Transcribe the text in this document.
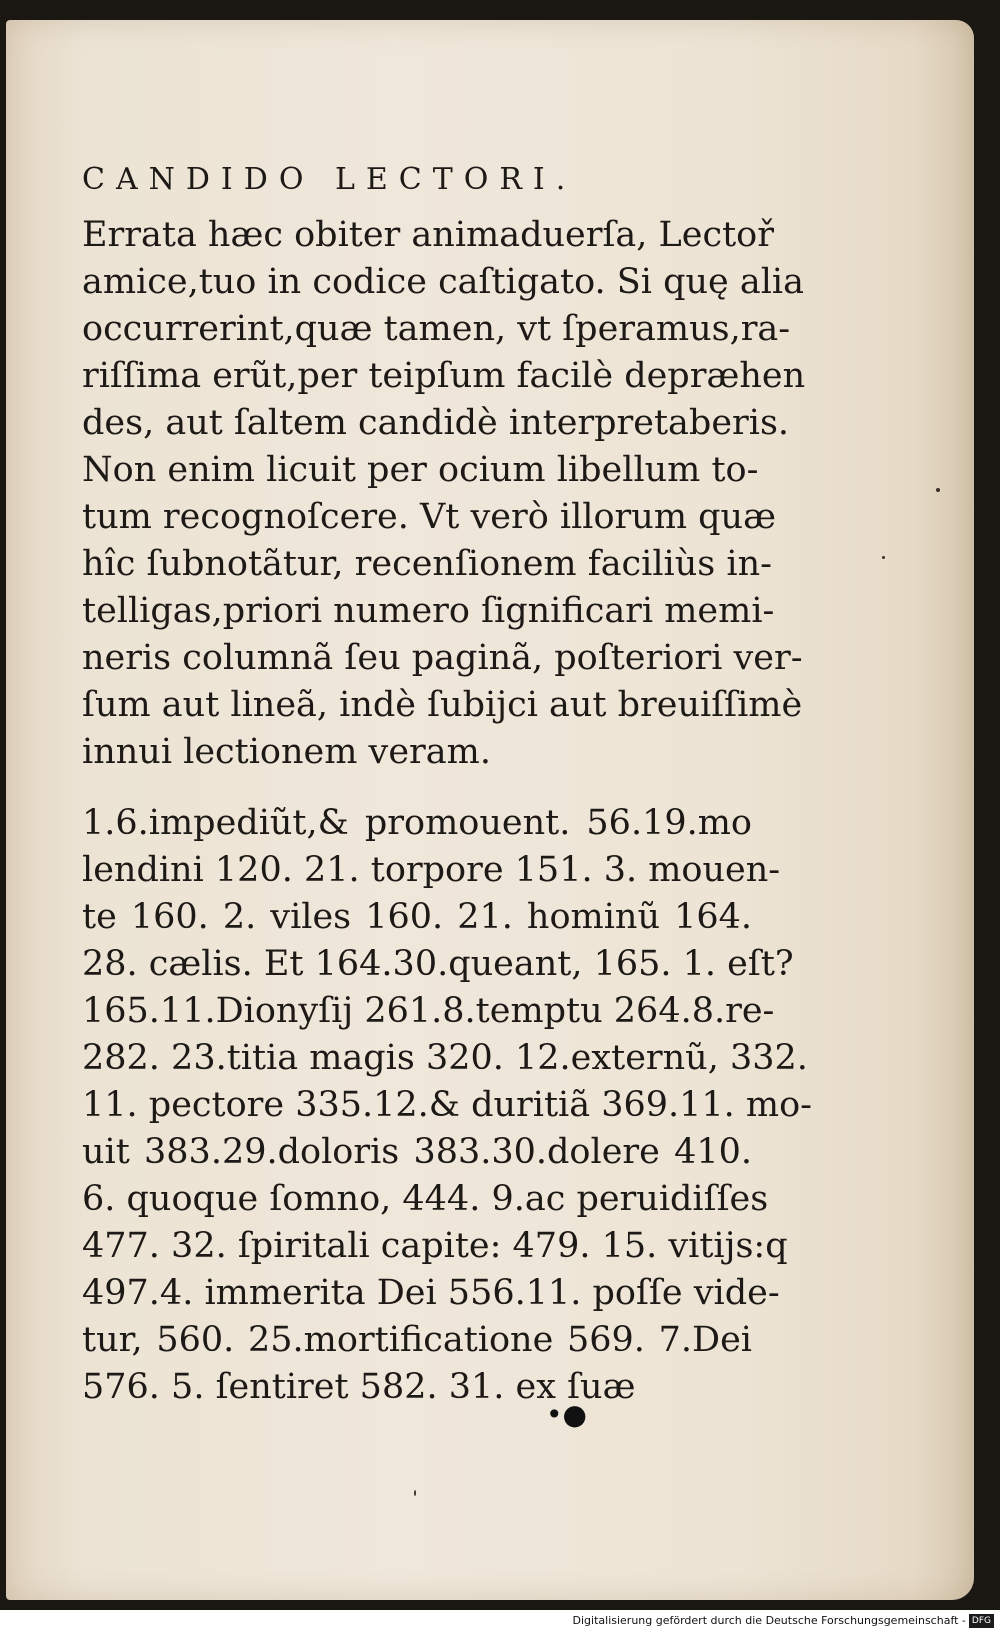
CANDIDO LECTORI.
Errata hæc obiter animaduerſa, Lectoř
amice,tuo in codice caſtigato. Si quę alia
occurrerint,quæ tamen, vt ſperamus,ra-
riſſima erũt,per teipſum facilè depræhen
des, aut ſaltem candidè interpretaberis.
Non enim licuit per ocium libellum to-
tum recognoſcere. Vt verò illorum quæ
hîc ſubnotãtur, recenſionem faciliùs in-
telligas,priori numero ſignificari memi-
neris columnã ſeu paginã, poſteriori ver-
ſum aut lineã, indè ſubijci aut breuiſſimè
innui lectionem veram.
1.6.impediũt,& promouent. 56.19.mo
lendini 120. 21. torpore 151. 3. mouen-
te 160. 2. viles 160. 21. hominũ 164.
28. cælis. Et 164.30.queant, 165. 1. eſt?
165.11.Dionyſij 261.8.temptu 264.8.re-
282. 23.titia magis 320. 12.externũ, 332.
11. pectore 335.12.& duritiã 369.11. mo-
uit 383.29.doloris 383.30.dolere 410.
6. quoque ſomno, 444. 9.ac peruidiſſes
477. 32. ſpiritali capite: 479. 15. vitijs:q
497.4. immerita Dei 556.11. poſſe vide-
tur, 560. 25.mortificatione 569. 7.Dei
576. 5. ſentiret 582. 31. ex ſuæ
•●
Digitalisierung gefördert durch die Deutsche Forschungsgemeinschaft - DFG
